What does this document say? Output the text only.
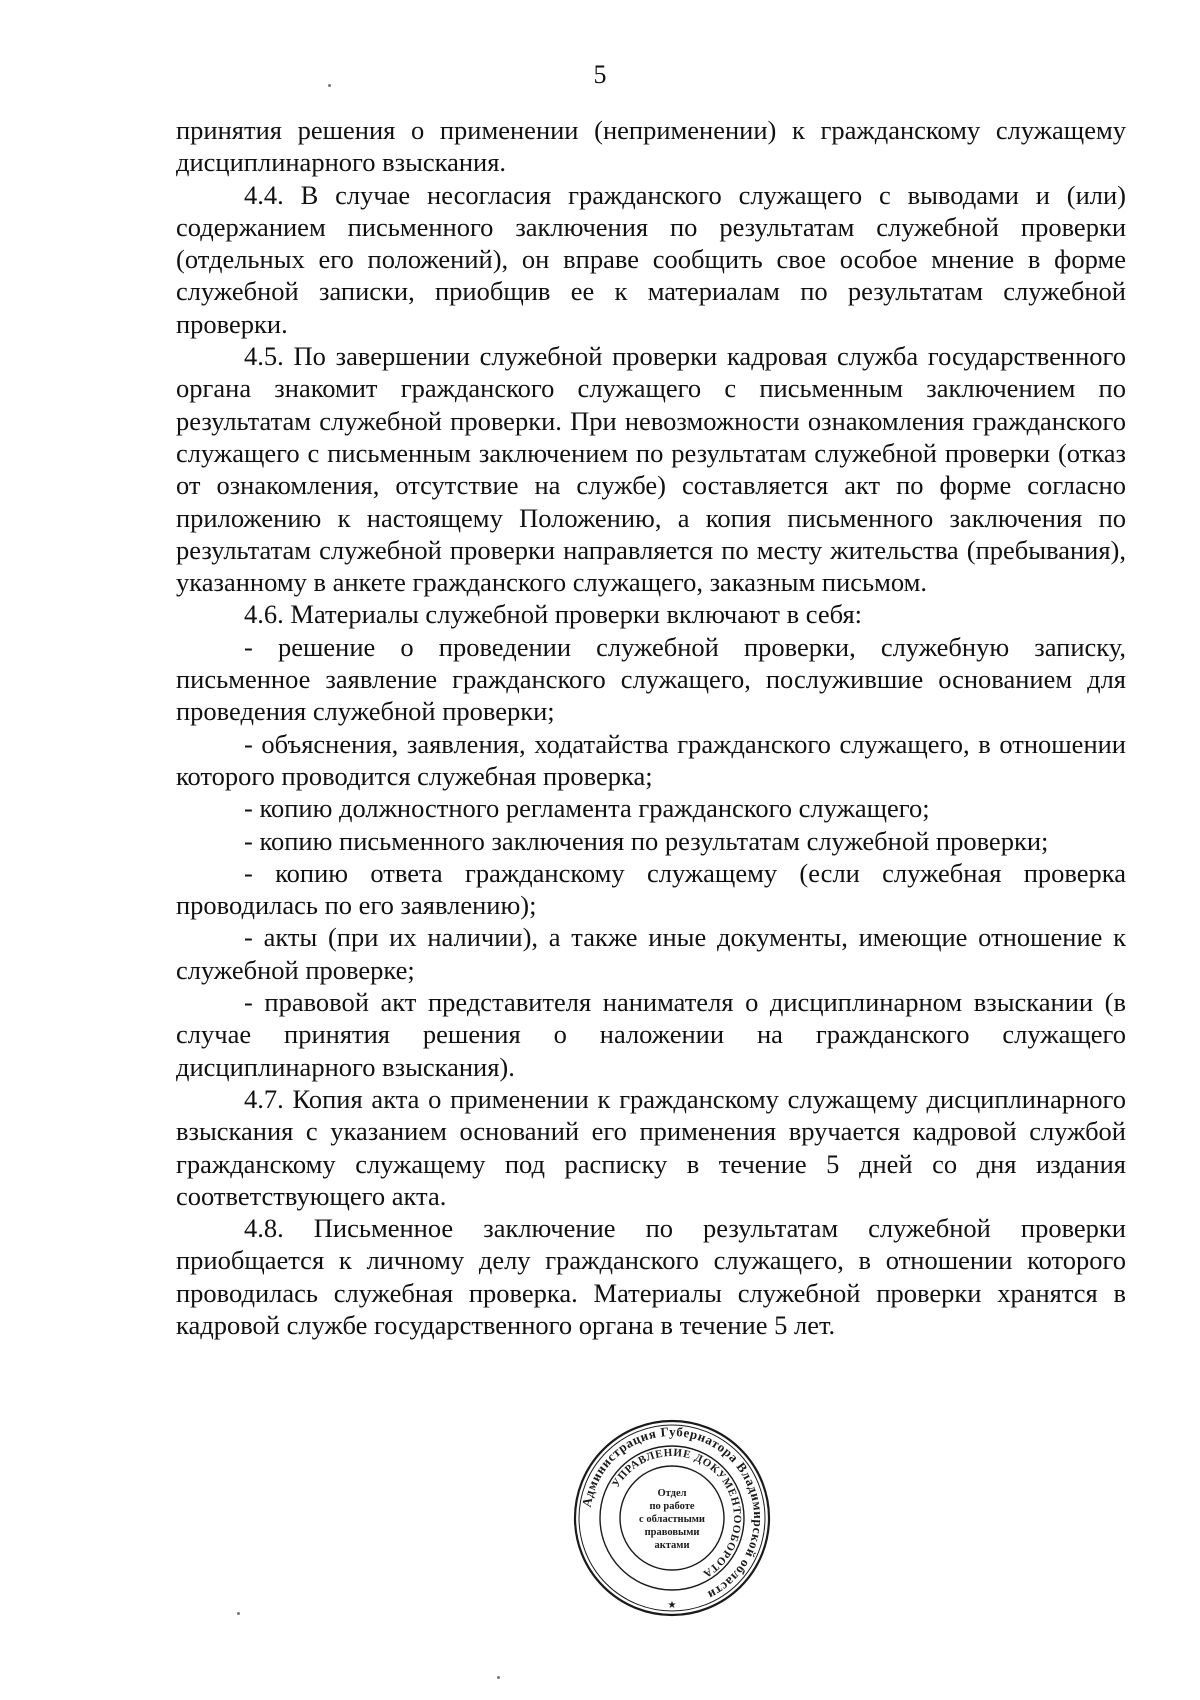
5

принятия решения о применении (неприменении) к гражданскому служащему дисциплинарного взыскания.

4.4. В случае несогласия гражданского служащего с выводами и (или) содержанием письменного заключения по результатам служебной проверки (отдельных его положений), он вправе сообщить свое особое мнение в форме служебной записки, приобщив ее к материалам по результатам служебной проверки.

4.5. По завершении служебной проверки кадровая служба государственного органа знакомит гражданского служащего с письменным заключением по результатам служебной проверки. При невозможности ознакомления гражданского служащего с письменным заключением по результатам служебной проверки (отказ от ознакомления, отсутствие на службе) составляется акт по форме согласно приложению к настоящему Положению, а копия письменного заключения по результатам служебной проверки направляется по месту жительства (пребывания), указанному в анкете гражданского служащего, заказным письмом.

4.6. Материалы служебной проверки включают в себя:

- решение о проведении служебной проверки, служебную записку, письменное заявление гражданского служащего, послужившие основанием для проведения служебной проверки;

- объяснения, заявления, ходатайства гражданского служащего, в отношении которого проводится служебная проверка;

- копию должностного регламента гражданского служащего;

- копию письменного заключения по результатам служебной проверки;

- копию ответа гражданскому служащему (если служебная проверка проводилась по его заявлению);

- акты (при их наличии), а также иные документы, имеющие отношение к служебной проверке;

- правовой акт представителя нанимателя о дисциплинарном взыскании (в случае принятия решения о наложении на гражданского служащего дисциплинарного взыскания).

4.7. Копия акта о применении к гражданскому служащему дисциплинарного взыскания с указанием оснований его применения вручается кадровой службой гражданскому служащему под расписку в течение 5 дней со дня издания соответствующего акта.

4.8. Письменное заключение по результатам служебной проверки приобщается к личному делу гражданского служащего, в отношении которого проводилась служебная проверка. Материалы служебной проверки хранятся в кадровой службе государственного органа в течение 5 лет.

Администрация Губернатора Владимирской области
УПРАВЛЕНИЕ ДОКУМЕНТООБОРОТА
Отдел
по работе
с областными
правовыми
актами
★
